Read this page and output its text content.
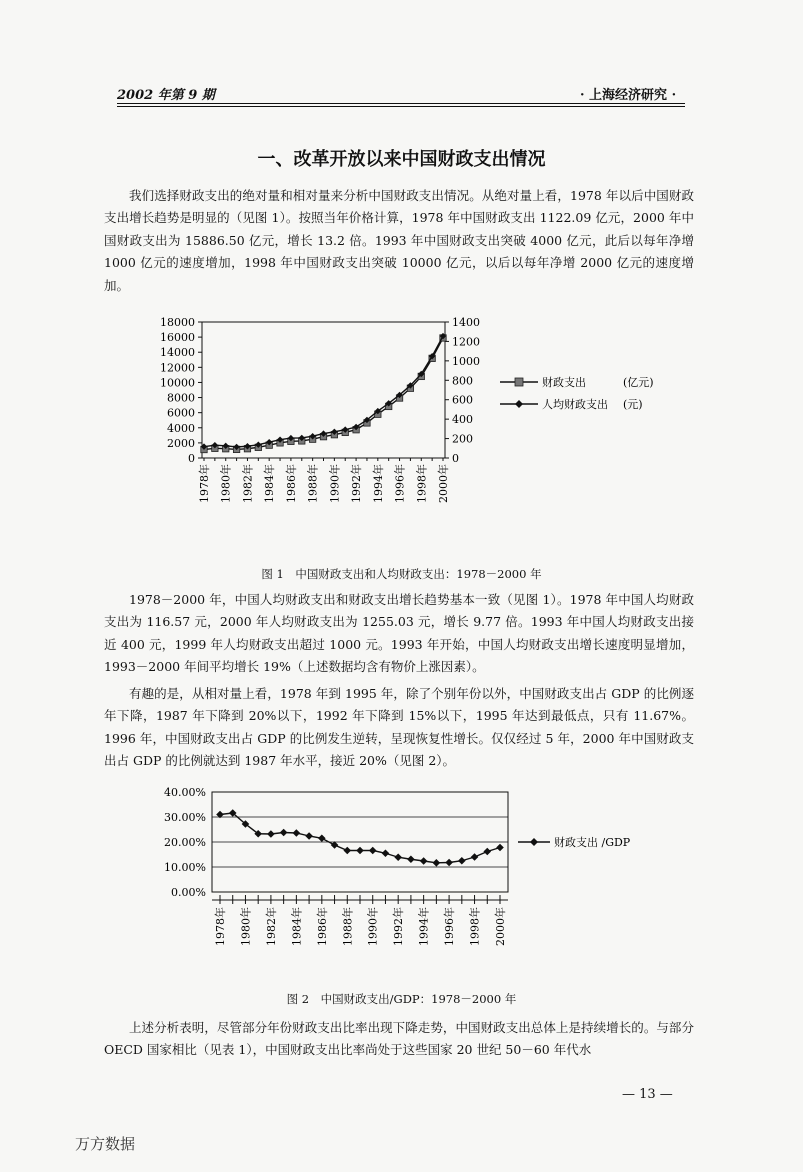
2002 年第 9 期	· 上海经济研究 ·
一、改革开放以来中国财政支出情况

我们选择财政支出的绝对量和相对量来分析中国财政支出情况。从绝对量上看，1978 年以后中国财政支出增长趋势是明显的（见图 1）。按照当年价格计算，1978 年中国财政支出 1122.09 亿元，2000 年中国财政支出为 15886.50 亿元，增长 13.2 倍。1993 年中国财政支出突破 4000 亿元，此后以每年净增 1000 亿元的速度增加，1998 年中国财政支出突破 10000 亿元，以后以每年净增 2000 亿元的速度增加。

0
2000
4000
6000
8000
10000
12000
14000
16000
18000
0
200
400
600
800
1000
1200
1400
1978年 1980年 1982年 1984年 1986年 1988年 1990年 1992年 1994年 1996年 1998年 2000年
财政支出	(亿元)
人均财政支出 (元)
图 1　中国财政支出和人均财政支出：1978－2000 年

1978－2000 年，中国人均财政支出和财政支出增长趋势基本一致（见图 1）。1978 年中国人均财政支出为 116.57 元，2000 年人均财政支出为 1255.03 元，增长 9.77 倍。1993 年中国人均财政支出接近 400 元，1999 年人均财政支出超过 1000 元。1993 年开始，中国人均财政支出增长速度明显增加，1993－2000 年间平均增长 19%（上述数据均含有物价上涨因素）。

有趣的是，从相对量上看，1978 年到 1995 年，除了个别年份以外，中国财政支出占 GDP 的比例逐年下降，1987 年下降到 20%以下，1992 年下降到 15%以下，1995 年达到最低点，只有 11.67%。1996 年，中国财政支出占 GDP 的比例发生逆转，呈现恢复性增长。仅仅经过 5 年，2000 年中国财政支出占 GDP 的比例就达到 1987 年水平，接近 20%（见图 2）。

0.00%
10.00%
20.00%
30.00%
40.00%
1978年 1980年 1982年 1984年 1986年 1988年 1990年 1992年 1994年 1996年 1998年 2000年
财政支出 /GDP
图 2　中国财政支出/GDP：1978－2000 年

上述分析表明，尽管部分年份财政支出比率出现下降走势，中国财政支出总体上是持续增长的。与部分 OECD 国家相比（见表 1），中国财政支出比率尚处于这些国家 20 世纪 50－60 年代水

— 13 —
万方数据
